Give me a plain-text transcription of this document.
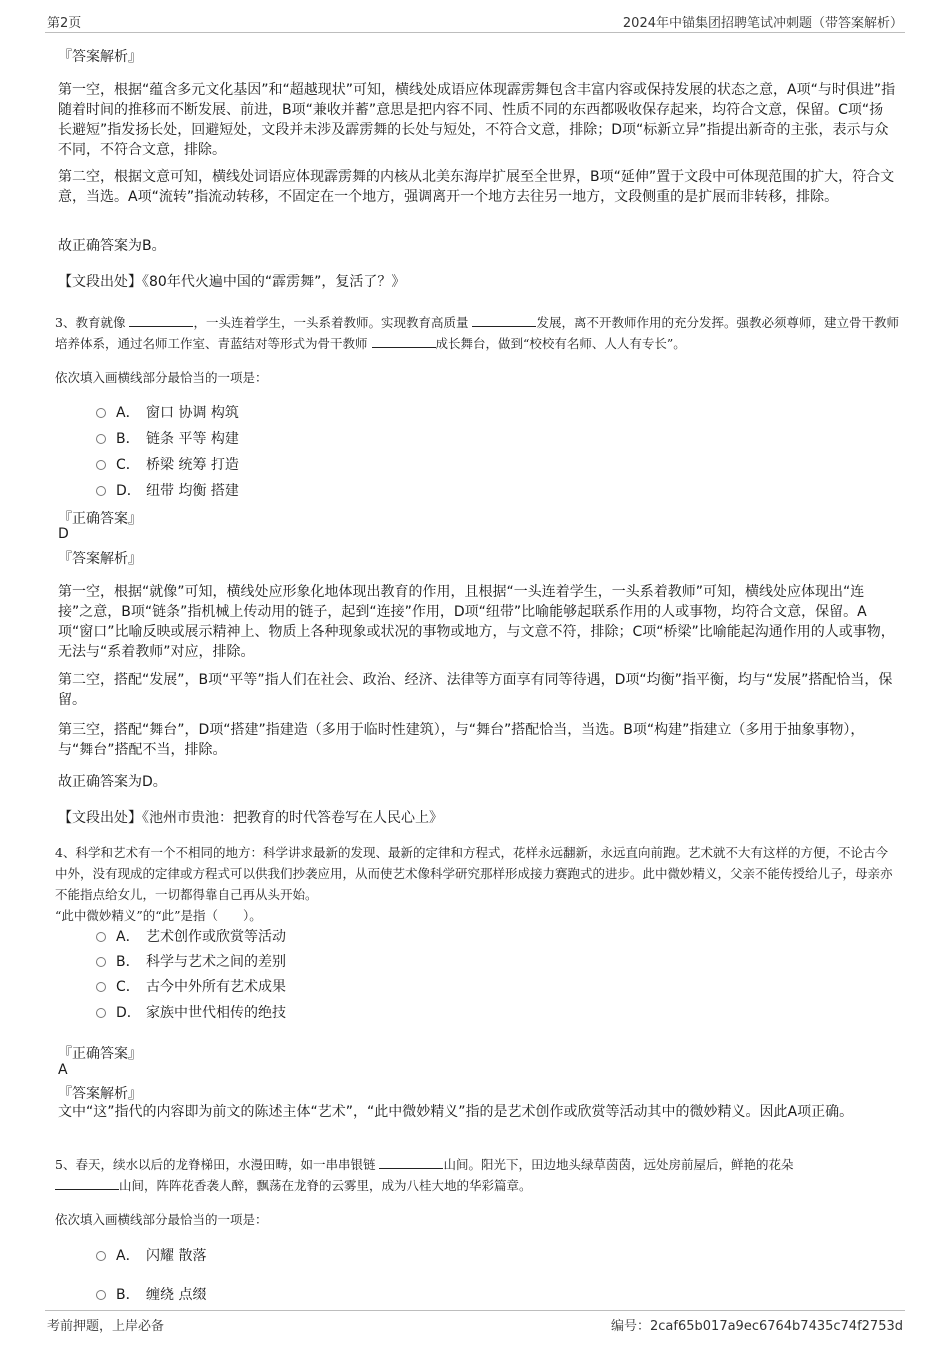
第2页	2024年中锚集团招聘笔试冲刺题（带答案解析）
『答案解析』
第一空，根据“蕴含多元文化基因”和“超越现状”可知，横线处成语应体现霹雳舞包含丰富内容或保持发展的状态之意，A项“与时俱进”指随着时间的推移而不断发展、前进，B项“兼收并蓄”意思是把内容不同、性质不同的东西都吸收保存起来，均符合文意，保留。C项“扬长避短”指发扬长处，回避短处，文段并未涉及霹雳舞的长处与短处，不符合文意，排除；D项“标新立异”指提出新奇的主张，表示与众不同，不符合文意，排除。
第二空，根据文意可知，横线处词语应体现霹雳舞的内核从北美东海岸扩展至全世界，B项“延伸”置于文段中可体现范围的扩大，符合文意，当选。A项“流转”指流动转移，不固定在一个地方，强调离开一个地方去往另一地方，文段侧重的是扩展而非转移，排除。
故正确答案为B。
【文段出处】《80年代火遍中国的“霹雳舞”，复活了？》
3、教育就像	，一头连着学生，一头系着教师。实现教育高质量	发展，离不开教师作用的充分发挥。强教必须尊师，建立骨干教师培养体系，通过名师工作室、青蓝结对等形式为骨干教师	成长舞台，做到“校校有名师、人人有专长”。
依次填入画横线部分最恰当的一项是：
A． 窗口 协调 构筑
B． 链条 平等 构建
C． 桥梁 统筹 打造
D． 纽带 均衡 搭建
『正确答案』
D
『答案解析』
第一空，根据“就像”可知，横线处应形象化地体现出教育的作用，且根据“一头连着学生，一头系着教师”可知，横线处应体现出“连接”之意，B项“链条”指机械上传动用的链子，起到“连接”作用，D项“纽带”比喻能够起联系作用的人或事物，均符合文意，保留。A项“窗口”比喻反映或展示精神上、物质上各种现象或状况的事物或地方，与文意不符，排除；C项“桥梁”比喻能起沟通作用的人或事物，无法与“系着教师”对应，排除。
第二空，搭配“发展”，B项“平等”指人们在社会、政治、经济、法律等方面享有同等待遇，D项“均衡”指平衡，均与“发展”搭配恰当，保留。
第三空，搭配“舞台”，D项“搭建”指建造（多用于临时性建筑），与“舞台”搭配恰当，当选。B项“构建”指建立（多用于抽象事物），与“舞台”搭配不当，排除。
故正确答案为D。
【文段出处】《池州市贵池：把教育的时代答卷写在人民心上》
4、科学和艺术有一个不相同的地方：科学讲求最新的发现、最新的定律和方程式，花样永远翻新，永远直向前跑。艺术就不大有这样的方便，不论古今中外，没有现成的定律或方程式可以供我们抄袭应用，从而使艺术像科学研究那样形成接力赛跑式的进步。此中微妙精义，父亲不能传授给儿子，母亲亦不能指点给女儿，一切都得靠自己再从头开始。
“此中微妙精义”的“此”是指（　　）。
A． 艺术创作或欣赏等活动
B． 科学与艺术之间的差别
C． 古今中外所有艺术成果
D． 家族中世代相传的绝技
『正确答案』
A
『答案解析』
文中“这”指代的内容即为前文的陈述主体“艺术”，“此中微妙精义”指的是艺术创作或欣赏等活动其中的微妙精义。因此A项正确。
5、春天，续水以后的龙脊梯田，水漫田畴，如一串串银链	山间。阳光下，田边地头绿草茵茵，远处房前屋后，鲜艳的花朵
山间，阵阵花香袭人醉，飘荡在龙脊的云雾里，成为八桂大地的华彩篇章。
依次填入画横线部分最恰当的一项是：
A． 闪耀 散落
B． 缠绕 点缀
考前押题，上岸必备	编号：2caf65b017a9ec6764b7435c74f2753d
